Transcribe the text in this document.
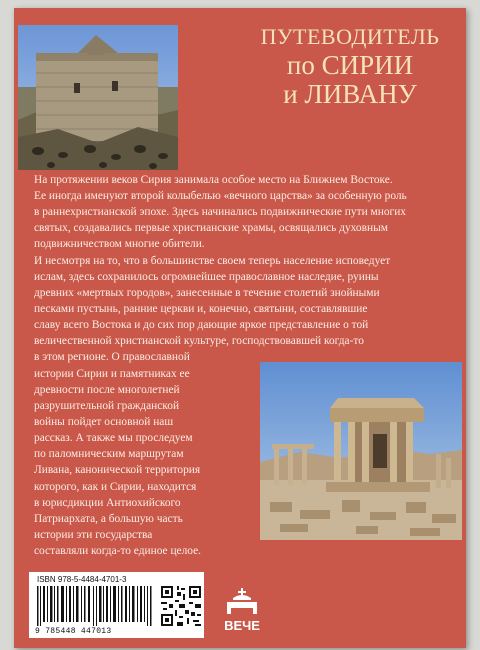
ПУТЕВОДИТЕЛЬ
по СИРИИ
и ЛИВАНУ
На протяжении веков Сирия занимала особое место на Ближнем Востоке.
Ее иногда именуют второй колыбелью «вечного царства» за особенную роль
в раннехристианской эпохе. Здесь начинались подвижнические пути многих
святых, создавались первые христианские храмы, освящались духовным
подвижничеством многие обители.
И несмотря на то, что в большинстве своем теперь население исповедует
ислам, здесь сохранилось огромнейшее православное наследие, руины
древних «мертвых городов», занесенные в течение столетий знойными
песками пустынь, ранние церкви и, конечно, святыни, составлявшие
славу всего Востока и до сих пор дающие яркое представление о той
величественной христианской культуре, господствовавшей когда-то
в этом регионе. О православной
истории Сирии и памятниках ее
древности после многолетней
разрушительной гражданской
войны пойдет основной наш
рассказ. А также мы проследуем
по паломническим маршрутам
Ливана, канонической территория
которого, как и Сирии, находится
в юрисдикции Антиохийского
Патриархата, а большую часть
истории эти государства
составляли когда-то единое целое.
ISBN 978-5-4484-4701-3
9 785448 447013	ВЕЧЕ
